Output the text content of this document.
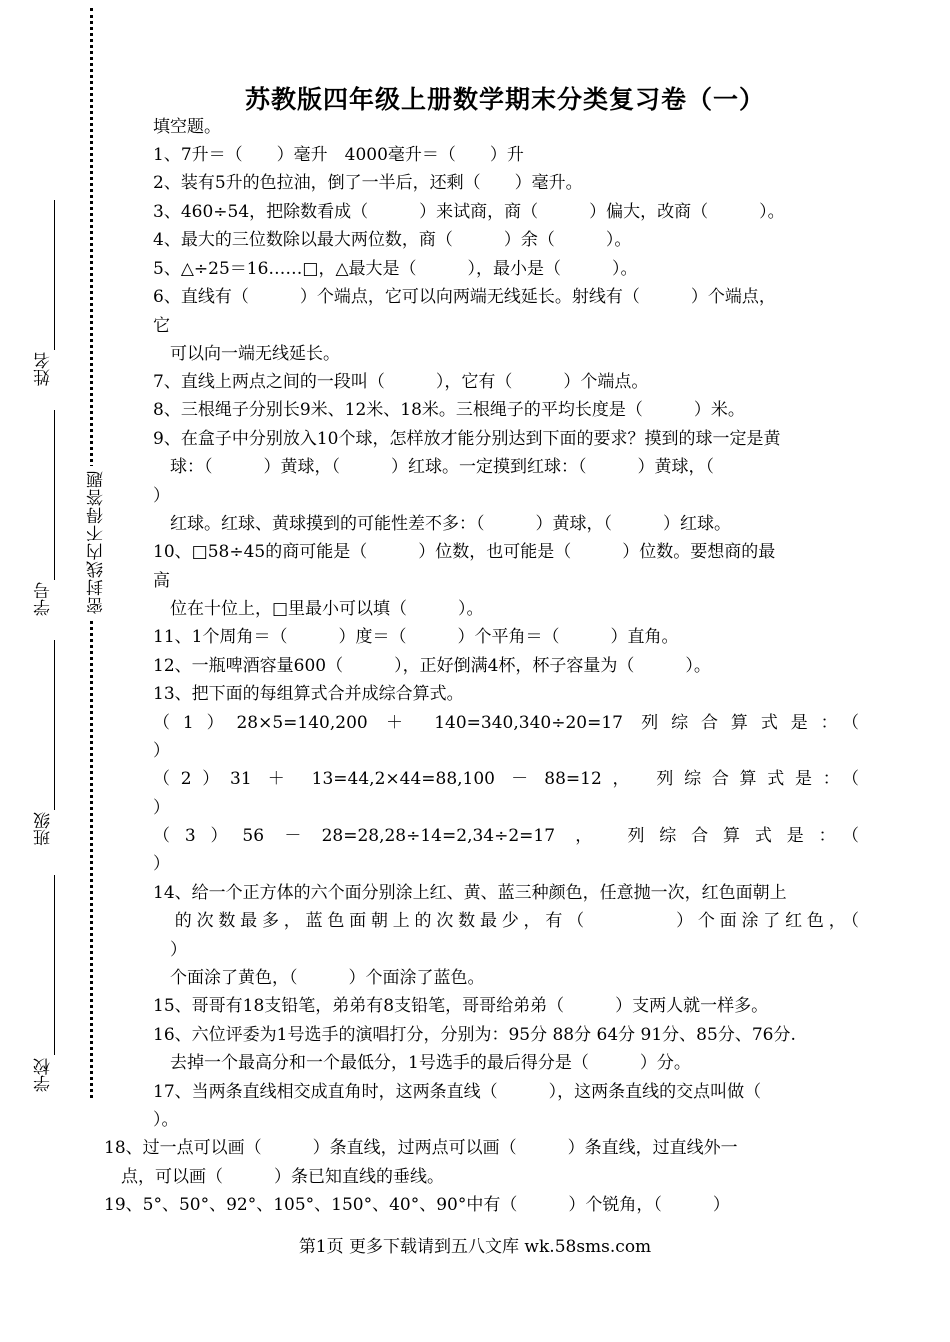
姓名
学号
班级
学校
密封线内不得答题
苏教版四年级上册数学期末分类复习卷（一）
填空题。
1、7升＝（　　）毫升　4000毫升＝（　　）升
2、装有5升的色拉油，倒了一半后，还剩（　　）毫升。
3、460÷54，把除数看成（　　　）来试商，商（　　　）偏大，改商（　　　）。
4、最大的三位数除以最大两位数，商（　　　）余（　　　）。
5、△÷25＝16……□，△最大是（　　　），最小是（　　　）。
6、直线有（　　　）个端点，它可以向两端无线延长。射线有（　　　）个端点，
它
　可以向一端无线延长。
7、直线上两点之间的一段叫（　　　），它有（　　　）个端点。
8、三根绳子分别长9米、12米、18米。三根绳子的平均长度是（　　　）米。
9、在盒子中分别放入10个球，怎样放才能分别达到下面的要求？摸到的球一定是黄
　球：（　　　）黄球，（　　　）红球。一定摸到红球：（　　　）黄球，（
）
　红球。红球、黄球摸到的可能性差不多：（　　　）黄球，（　　　）红球。
10、□58÷45的商可能是（　　　）位数，也可能是（　　　）位数。要想商的最
高
　位在十位上，□里最小可以填（　　　）。
11、1个周角＝（　　　）度＝（　　　）个平角＝（　　　）直角。
12、一瓶啤酒容量600（　　　），正好倒满4杯，杯子容量为（　　　）。
13、把下面的每组算式合并成综合算式。
（1）28×5=140,200 ＋ 140=340,340÷20=17 列综合算式是：（
）
（2）31 ＋ 13=44,2×44=88,100 － 88=12， 列综合算式是：（
）
（3）56 － 28=28,28÷14=2,34÷2=17 ， 列综合算式是：（
）
14、给一个正方体的六个面分别涂上红、黄、蓝三种颜色，任意抛一次，红色面朝上
　的次数最多，蓝色面朝上的次数最少，有（　　　　）个面涂了红色，（
　）
　个面涂了黄色，（　　　）个面涂了蓝色。
15、哥哥有18支铅笔，弟弟有8支铅笔，哥哥给弟弟（　　　）支两人就一样多。
16、六位评委为1号选手的演唱打分，分别为：95分 88分 64分 91分、85分、76分.
　去掉一个最高分和一个最低分，1号选手的最后得分是（　　　）分。
17、当两条直线相交成直角时，这两条直线（　　　），这两条直线的交点叫做（
）。
18、过一点可以画（　　　）条直线，过两点可以画（　　　）条直线，过直线外一
　点，可以画（　　　）条已知直线的垂线。
19、5°、50°、92°、105°、150°、40°、90°中有（　　　）个锐角，（　　　）
第1页 更多下载请到五八文库 wk.58sms.com
